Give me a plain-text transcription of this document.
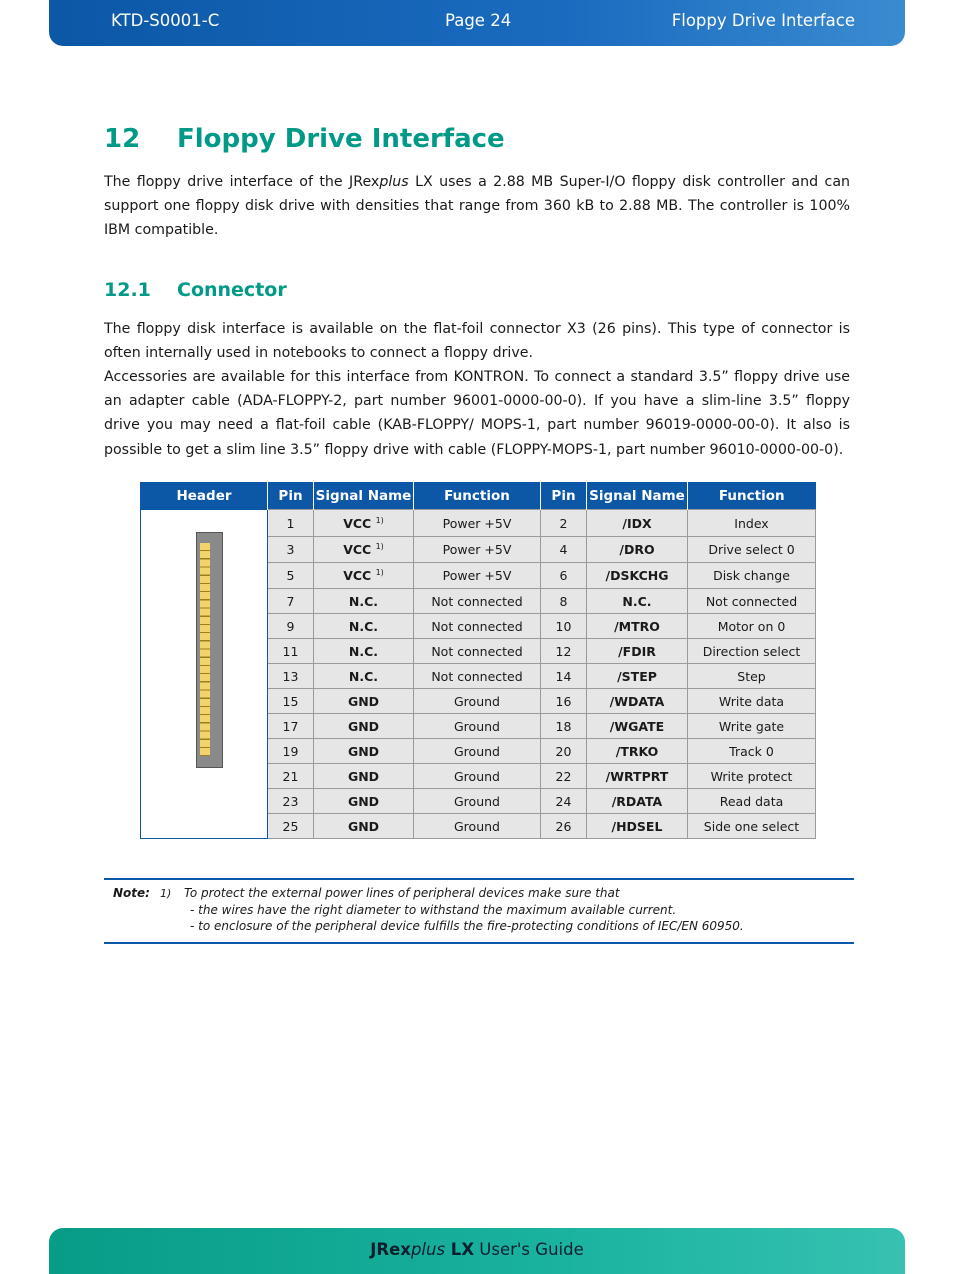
KTD-S0001-C	Page 24	Floppy Drive Interface
12 Floppy Drive Interface

The floppy drive interface of the JRexplus LX uses a 2.88 MB Super-I/O floppy disk controller and can support one floppy disk drive with densities that range from 360 kB to 2.88 MB. The controller is 100% IBM compatible.

12.1 Connector

The floppy disk interface is available on the flat-foil connector X3 (26 pins). This type of connector is often internally used in notebooks to connect a floppy drive.

Accessories are available for this interface from KONTRON. To connect a standard 3.5” floppy drive use an adapter cable (ADA-FLOPPY-2, part number 96001-0000-00-0). If you have a slim-line 3.5” floppy drive you may need a flat-foil cable (KAB-FLOPPY/ MOPS-1, part number 96019-0000-00-0). It also is possible to get a slim line 3.5” floppy drive with cable (FLOPPY-MOPS-1, part number 96010-0000-00-0).

Header	Pin	Signal Name	Function	Pin	Signal Name	Function

	1	VCC $^{1)}$	Power +5V	2	/IDX	Index
	3	VCC $^{1)}$	Power +5V	4	/DRO	Drive select 0
	5	VCC $^{1)}$	Power +5V	6	/DSKCHG	Disk change
	7	N.C.	Not connected	8	N.C.	Not connected
	9	N.C.	Not connected	10	/MTRO	Motor on 0
	11	N.C.	Not connected	12	/FDIR	Direction select
	13	N.C.	Not connected	14	/STEP	Step
	15	GND	Ground	16	/WDATA	Write data
	17	GND	Ground	18	/WGATE	Write gate
	19	GND	Ground	20	/TRKO	Track 0
	21	GND	Ground	22	/WRTPRT	Write protect
	23	GND	Ground	24	/RDATA	Read data
	25	GND	Ground	26	/HDSEL	Side one select
Note: 1) To protect the external power lines of peripheral devices make sure that
- the wires have the right diameter to withstand the maximum available current.
- to enclosure of the peripheral device fulfills the fire-protecting conditions of IEC/EN 60950.
JRexplus LX User's Guide
